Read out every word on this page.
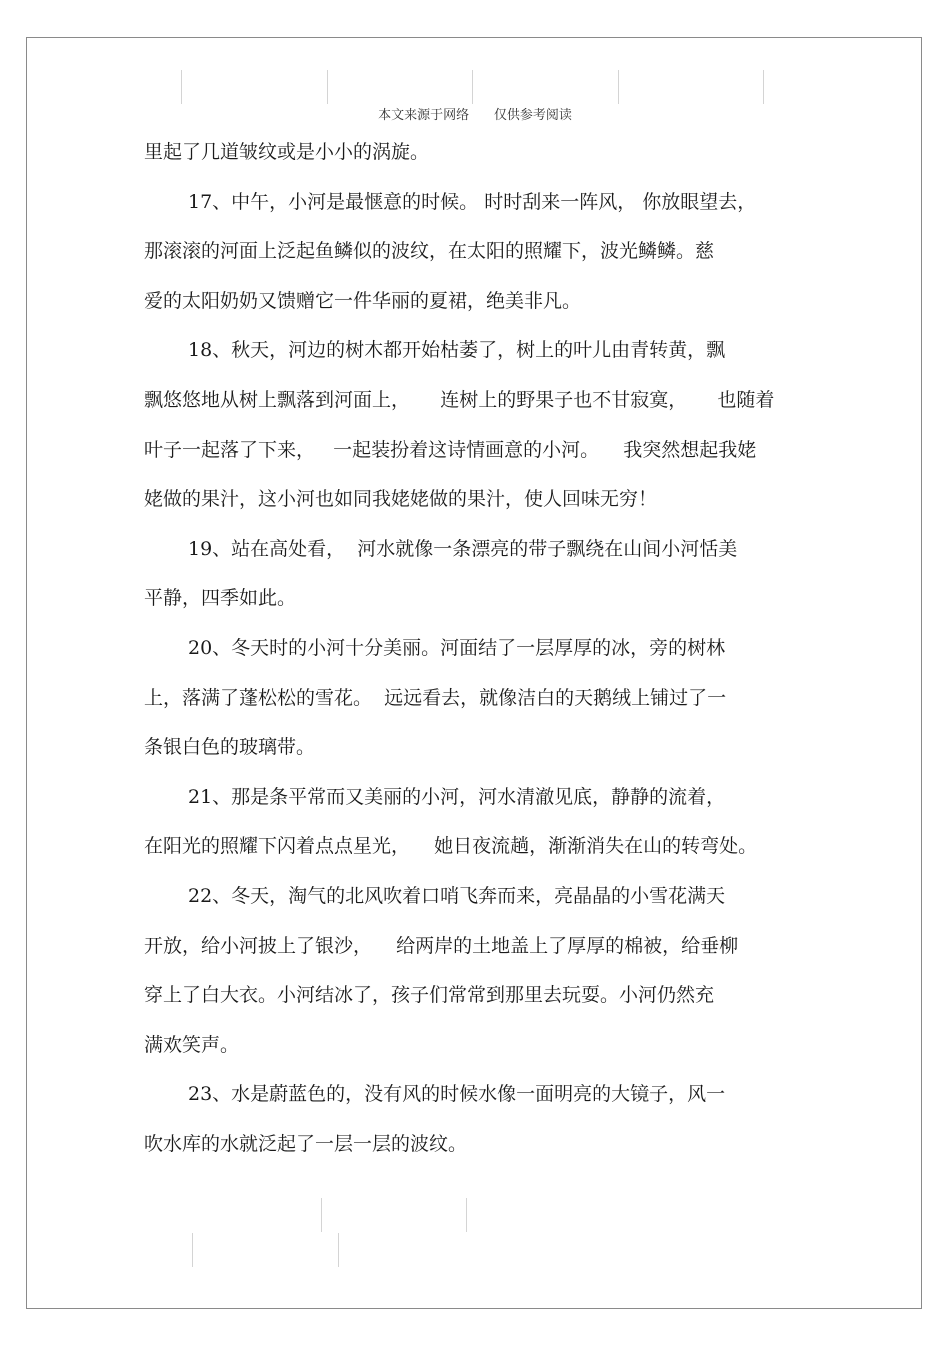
本文来源于网络      仅供参考阅读
里起了几道皱纹或是小小的涡旋。
17、中午，小河是最惬意的时候。 时时刮来一阵风， 你放眼望去，
那滚滚的河面上泛起鱼鳞似的波纹，在太阳的照耀下，波光鳞鳞。慈
爱的太阳奶奶又馈赠它一件华丽的夏裙，绝美非凡。
18、秋天，河边的树木都开始枯萎了，树上的叶儿由青转黄，飘
飘悠悠地从树上飘落到河面上，     连树上的野果子也不甘寂寞，     也随着
叶子一起落了下来，   一起装扮着这诗情画意的小河。    我突然想起我姥
姥做的果汁，这小河也如同我姥姥做的果汁，使人回味无穷！
19、站在高处看，  河水就像一条漂亮的带子飘绕在山间小河恬美
平静，四季如此。
20、冬天时的小河十分美丽。河面结了一层厚厚的冰，旁的树林
上，落满了蓬松松的雪花。  远远看去，就像洁白的天鹅绒上铺过了一
条银白色的玻璃带。
21、那是条平常而又美丽的小河，河水清澈见底，静静的流着，
在阳光的照耀下闪着点点星光，    她日夜流趟，渐渐消失在山的转弯处。
22、冬天，淘气的北风吹着口哨飞奔而来，亮晶晶的小雪花满天
开放，给小河披上了银沙，    给两岸的土地盖上了厚厚的棉被，给垂柳
穿上了白大衣。小河结冰了，孩子们常常到那里去玩耍。小河仍然充
满欢笑声。
23、水是蔚蓝色的，没有风的时候水像一面明亮的大镜子，风一
吹水库的水就泛起了一层一层的波纹。
